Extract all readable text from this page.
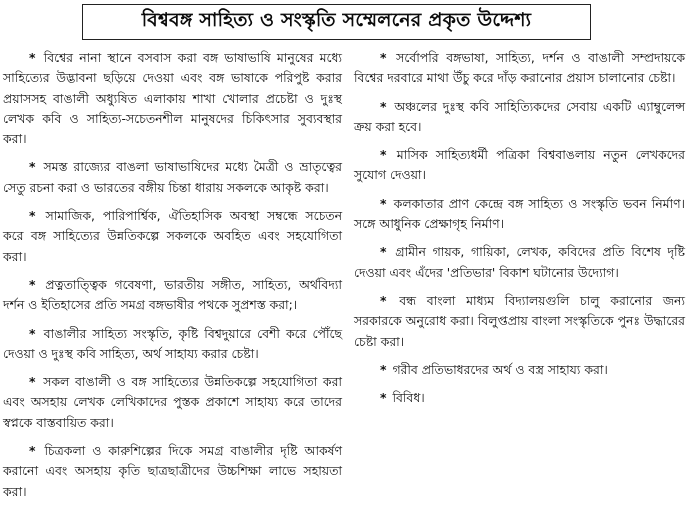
বিশ্ববঙ্গ সাহিত্য ও সংস্কৃতি সম্মেলনের প্রকৃত উদ্দেশ্য

* বিশ্বের নানা স্থানে বসবাস করা বঙ্গ ভাষাভাষি মানুষের মধ্যে সাহিত্যের উদ্ভাবনা ছড়িয়ে দেওয়া এবং বঙ্গ ভাষাকে পরিপুষ্ট করার প্রয়াসসহ বাঙালী অধ্যুষিত এলাকায় শাখা খোলার প্রচেষ্টা ও দুঃস্থ লেখক কবি ও সাহিত্য-সচেতনশীল মানুষদের চিকিৎসার সুব্যবস্থার করা।

* সমস্ত রাজ্যের বাঙলা ভাষাভাষিদের মধ্যে মৈত্রী ও ভ্রাতৃত্বের সেতু রচনা করা ও ভারতের বঙ্গীয় চিন্তা ধারায় সকলকে আকৃষ্ট করা।

* সামাজিক, পারিপার্শ্বিক, ঐতিহাসিক অবস্থা সম্বন্ধে সচেতন করে বঙ্গ সাহিত্যের উন্নতিকল্পে সকলকে অবহিত এবং সহযোগিতা করা।

* প্রত্নতাত্ত্বিক গবেষণা, ভারতীয় সঙ্গীত, সাহিত্য, অর্থবিদ্যা দর্শন ও ইতিহাসের প্রতি সমগ্র বঙ্গভাষীর পথকে সুপ্রশস্ত করা;।

* বাঙালীর সাহিত্য সংস্কৃতি, কৃষ্টি বিশ্বদুয়ারে বেশী করে পৌঁছে দেওয়া ও দুঃস্থ কবি সাহিত্য, অর্থ সাহায্য করার চেষ্টা।

* সকল বাঙালী ও বঙ্গ সাহিত্যের উন্নতিকল্পে সহযোগিতা করা এবং অসহায় লেখক লেখিকাদের পুস্তক প্রকাশে সাহায্য করে তাদের স্বপ্নকে বাস্তবায়িত করা।

* চিত্রকলা ও কারুশিল্পের দিকে সমগ্র বাঙালীর দৃষ্টি আকর্ষণ করানো এবং অসহায় কৃতি ছাত্রছাত্রীদের উচ্চশিক্ষা লাভে সহায়তা করা।

* সর্বোপরি বঙ্গভাষা, সাহিত্য, দর্শন ও বাঙালী সম্প্রদায়কে বিশ্বের দরবারে মাথা উঁচু করে দাঁড় করানোর প্রয়াস চালানোর চেষ্টা।

* অঞ্চলের দুঃস্থ কবি সাহিত্যিকদের সেবায় একটি এ্যাম্বুলেন্স ক্রয় করা হবে।

* মাসিক সাহিত্যধর্মী পত্রিকা বিশ্ববাঙলায় নতুন লেখকদের সুযোগ দেওয়া।

* কলকাতার প্রাণ কেন্দ্রে বঙ্গ সাহিত্য ও সংস্কৃতি ভবন নির্মাণ। সঙ্গে আধুনিক প্রেক্ষাগৃহ নির্মাণ।

* গ্রামীন গায়ক, গায়িকা, লেখক, কবিদের প্রতি বিশেষ দৃষ্টি দেওয়া এবং এঁদের 'প্রতিভার' বিকাশ ঘটানোর উদ্যোগ।

* বন্ধ বাংলা মাধ্যম বিদ্যালয়গুলি চালু করানোর জন্য সরকারকে অনুরোধ করা। বিলুপ্তপ্রায় বাংলা সংস্কৃতিকে পুনঃ উদ্ধারের চেষ্টা করা।

* গরীব প্রতিভাধরদের অর্থ ও বস্ত্র সাহায্য করা।

* বিবিধ।
